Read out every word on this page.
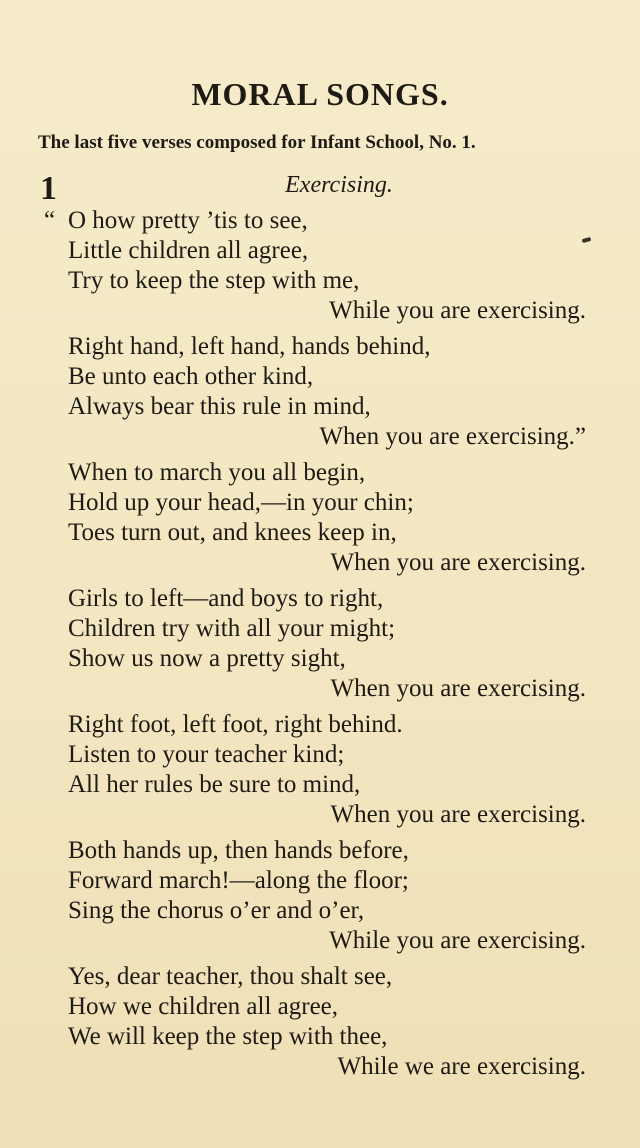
MORAL SONGS.

The last five verses composed for Infant School, No. 1.

1	Exercising.
“ O how pretty ’tis to see,
Little children all agree,
Try to keep the step with me,
While you are exercising.
Right hand, left hand, hands behind,
Be unto each other kind,
Always bear this rule in mind,
When you are exercising.”
When to march you all begin,
Hold up your head,—in your chin;
Toes turn out, and knees keep in,
When you are exercising.
Girls to left—and boys to right,
Children try with all your might;
Show us now a pretty sight,
When you are exercising.
Right foot, left foot, right behind.
Listen to your teacher kind;
All her rules be sure to mind,
When you are exercising.
Both hands up, then hands before,
Forward march!—along the floor;
Sing the chorus o’er and o’er,
While you are exercising.
Yes, dear teacher, thou shalt see,
How we children all agree,
We will keep the step with thee,
While we are exercising.
